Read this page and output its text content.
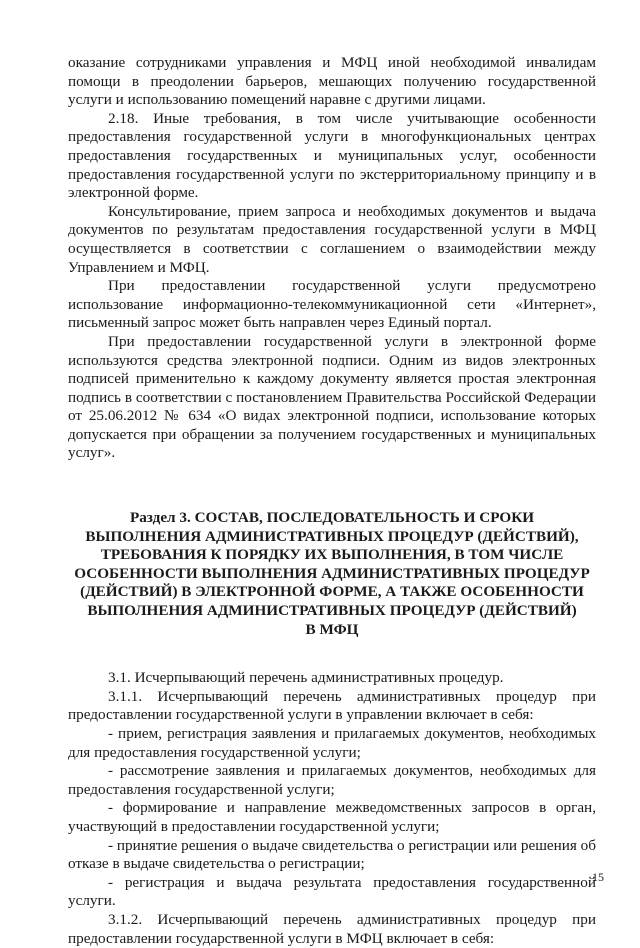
оказание сотрудниками управления и МФЦ иной необходимой инвалидам помощи в преодолении барьеров, мешающих получению государственной услуги и использованию помещений наравне с другими лицами.

2.18. Иные требования, в том числе учитывающие особенности предоставления государственной услуги в многофункциональных центрах предоставления государственных и муниципальных услуг, особенности предоставления государственной услуги по экстерриториальному принципу и в электронной форме.

Консультирование, прием запроса и необходимых документов и выдача документов по результатам предоставления государственной услуги в МФЦ осуществляется в соответствии с соглашением о взаимодействии между Управлением и МФЦ.

При предоставлении государственной услуги предусмотрено использование информационно-телекоммуникационной сети «Интернет», письменный запрос может быть направлен через Единый портал.

При предоставлении государственной услуги в электронной форме используются средства электронной подписи. Одним из видов электронных подписей применительно к каждому документу является простая электронная подпись в соответствии с постановлением Правительства Российской Федерации от 25.06.2012 № 634 «О видах электронной подписи, использование которых допускается при обращении за получением государственных и муниципальных услуг».

Раздел 3. СОСТАВ, ПОСЛЕДОВАТЕЛЬНОСТЬ И СРОКИ
ВЫПОЛНЕНИЯ АДМИНИСТРАТИВНЫХ ПРОЦЕДУР (ДЕЙСТВИЙ),
ТРЕБОВАНИЯ К ПОРЯДКУ ИХ ВЫПОЛНЕНИЯ, В ТОМ ЧИСЛЕ
ОСОБЕННОСТИ ВЫПОЛНЕНИЯ АДМИНИСТРАТИВНЫХ ПРОЦЕДУР
(ДЕЙСТВИЙ) В ЭЛЕКТРОННОЙ ФОРМЕ, А ТАКЖЕ ОСОБЕННОСТИ
ВЫПОЛНЕНИЯ АДМИНИСТРАТИВНЫХ ПРОЦЕДУР (ДЕЙСТВИЙ)
В МФЦ

3.1. Исчерпывающий перечень административных процедур.

3.1.1. Исчерпывающий перечень административных процедур при предоставлении государственной услуги в управлении включает в себя:

- прием, регистрация заявления и прилагаемых документов, необходимых для предоставления государственной услуги;

- рассмотрение заявления и прилагаемых документов, необходимых для предоставления государственной услуги;

- формирование и направление межведомственных запросов в орган, участвующий в предоставлении государственной услуги;

- принятие решения о выдаче свидетельства о регистрации или решения об отказе в выдаче свидетельства о регистрации;

- регистрация и выдача результата предоставления государственной услуги.

3.1.2. Исчерпывающий перечень административных процедур при предоставлении государственной услуги в МФЦ включает в себя:

15
